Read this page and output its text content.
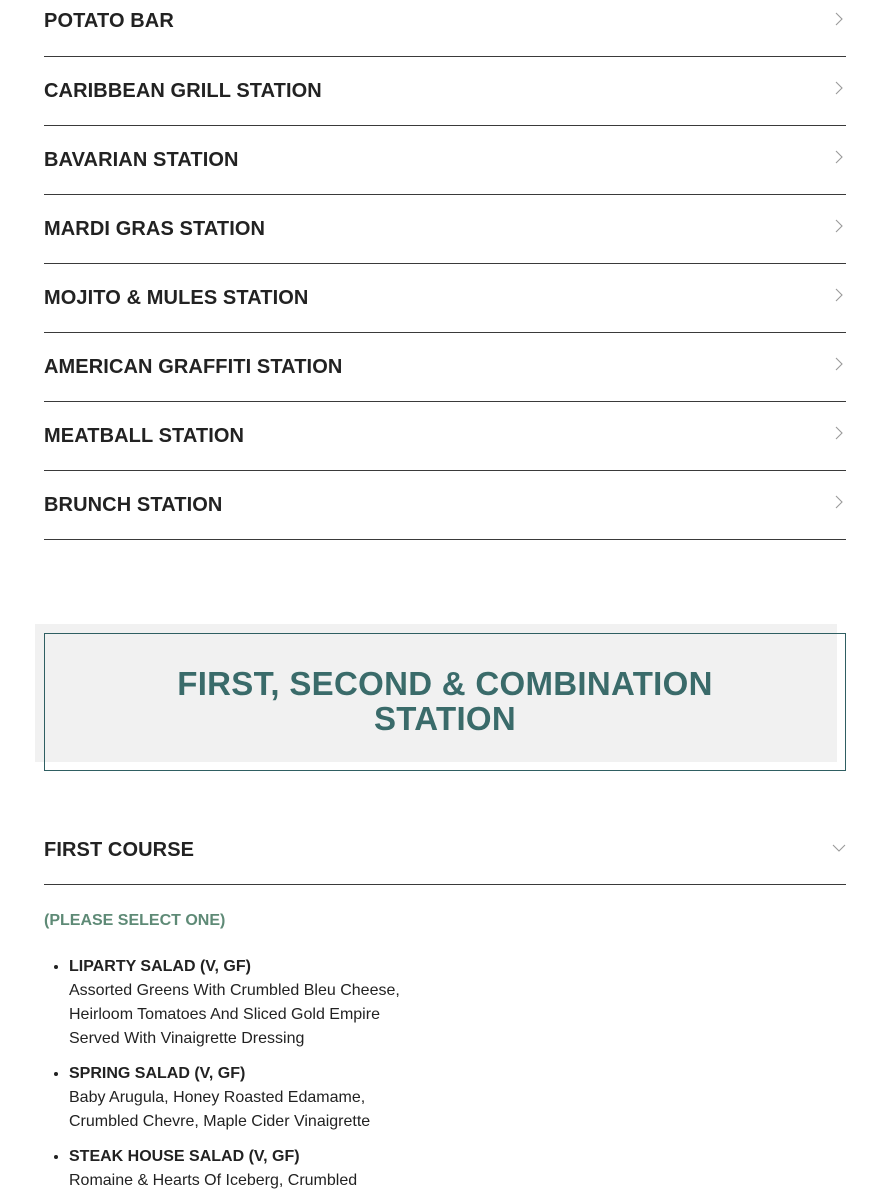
POTATO BAR
CARIBBEAN GRILL STATION
BAVARIAN STATION
MARDI GRAS STATION
MOJITO & MULES STATION
AMERICAN GRAFFITI STATION
MEATBALL STATION
BRUNCH STATION
FIRST, SECOND & COMBINATION STATION
FIRST COURSE
(PLEASE SELECT ONE)
• LIPARTY SALAD (V, GF)
Assorted Greens With Crumbled Bleu Cheese, Heirloom Tomatoes And Sliced Gold Empire Served With Vinaigrette Dressing
• SPRING SALAD (V, GF)
Baby Arugula, Honey Roasted Edamame, Crumbled Chevre, Maple Cider Vinaigrette
• STEAK HOUSE SALAD (V, GF)
Romaine & Hearts Of Iceberg, Crumbled
